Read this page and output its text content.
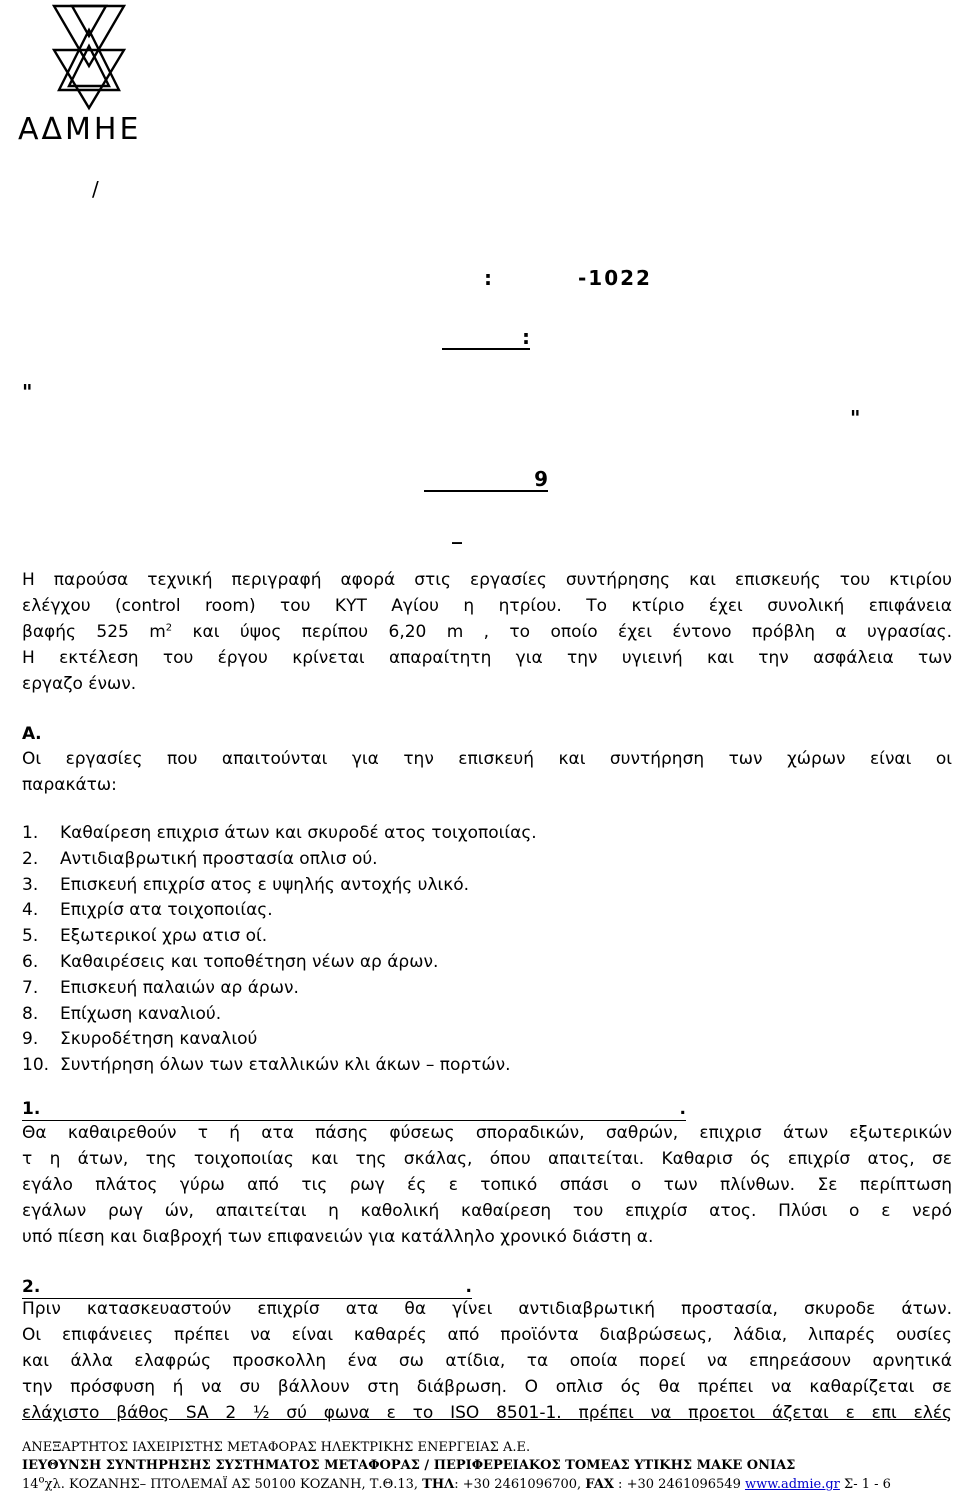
ΑΔΜΗΕ
/
:	-1022
:
"
"
9
_
Η παρούσα τεχνική περιγραφή αφορά στις εργασίες συντήρησης και επισκευής του κτιρίου
ελέγχου (control room) του ΚΥΤ Αγίου η ητρίου. Το κτίριο έχει συνολική επιφάνεια
βαφής 525 $m^2$ και ύψος περίπου 6,20 m , το οποίο έχει έντονο πρόβλη α υγρασίας.
Η εκτέλεση του έργου κρίνεται απαραίτητη για την υγιεινή και την ασφάλεια των
εργαζο ένων.
Α.
Οι εργασίες που απαιτούνται για την επισκευή και συντήρηση των χώρων είναι οι
παρακάτω:
1. Καθαίρεση επιχρισ άτων και σκυροδέ ατος τοιχοποιίας.
2. Αντιδιαβρωτική προστασία οπλισ ού.
3. Επισκευή επιχρίσ ατος ε υψηλής αντοχής υλικό.
4. Επιχρίσ ατα τοιχοποιίας.
5. Εξωτερικοί χρω ατισ οί.
6. Καθαιρέσεις και τοποθέτηση νέων αρ άρων.
7. Επισκευή παλαιών αρ άρων.
8. Επίχωση καναλιού.
9. Σκυροδέτηση καναλιού
10. Συντήρηση όλων των εταλλικών κλι άκων – πορτών.
1.	.
Θα καθαιρεθούν τ ή ατα πάσης φύσεως σποραδικών, σαθρών, επιχρισ άτων εξωτερικών
τ η άτων, της τοιχοποιίας και της σκάλας, όπου απαιτείται. Καθαρισ ός επιχρίσ ατος, σε
εγάλο πλάτος γύρω από τις ρωγ ές ε τοπικό σπάσι ο των πλίνθων. Σε περίπτωση
εγάλων ρωγ ών, απαιτείται η καθολική καθαίρεση του επιχρίσ ατος. Πλύσι ο ε νερό
υπό πίεση και διαβροχή των επιφανειών για κατάλληλο χρονικό διάστη α.
2.	.
Πριν κατασκευαστούν επιχρίσ ατα θα γίνει αντιδιαβρωτική προστασία, σκυροδε άτων.
Οι επιφάνειες πρέπει να είναι καθαρές από προϊόντα διαβρώσεως, λάδια, λιπαρές ουσίες
και άλλα ελαφρώς προσκολλη ένα σω ατίδια, τα οποία πορεί να επηρεάσουν αρνητικά
την πρόσφυση ή να συ βάλλουν στη διάβρωση. Ο οπλισ ός θα πρέπει να καθαρίζεται σε
ελάχιστο βάθος SA 2 ½ σύ φωνα ε το ISO 8501-1. πρέπει να προετοι άζεται ε επι ελές
ΑΝΕΞΑΡΤΗΤΟΣ ΙΑΧΕΙΡΙΣΤΗΣ ΜΕΤΑΦΟΡΑΣ ΗΛΕΚΤΡΙΚΗΣ ΕΝΕΡΓΕΙΑΣ Α.Ε.
ΙΕΥΘΥΝΣΗ ΣΥΝΤΗΡΗΣΗΣ ΣΥΣΤΗΜΑΤΟΣ ΜΕΤΑΦΟΡΑΣ / ΠΕΡΙΦΕΡΕΙΑΚΟΣ ΤΟΜΕΑΣ ΥΤΙΚΗΣ ΜΑΚΕ ΟΝΙΑΣ
$14^o\chi\lambda$. ΚΟΖΑΝΗΣ– ΠΤΟΛΕΜΑΪ ΑΣ 50100 ΚΟΖΑΝΗ, Τ.Θ.13, ΤΗΛ: +30 2461096700, FAX : +30 2461096549 www.admie.gr Σ- 1 - 6
